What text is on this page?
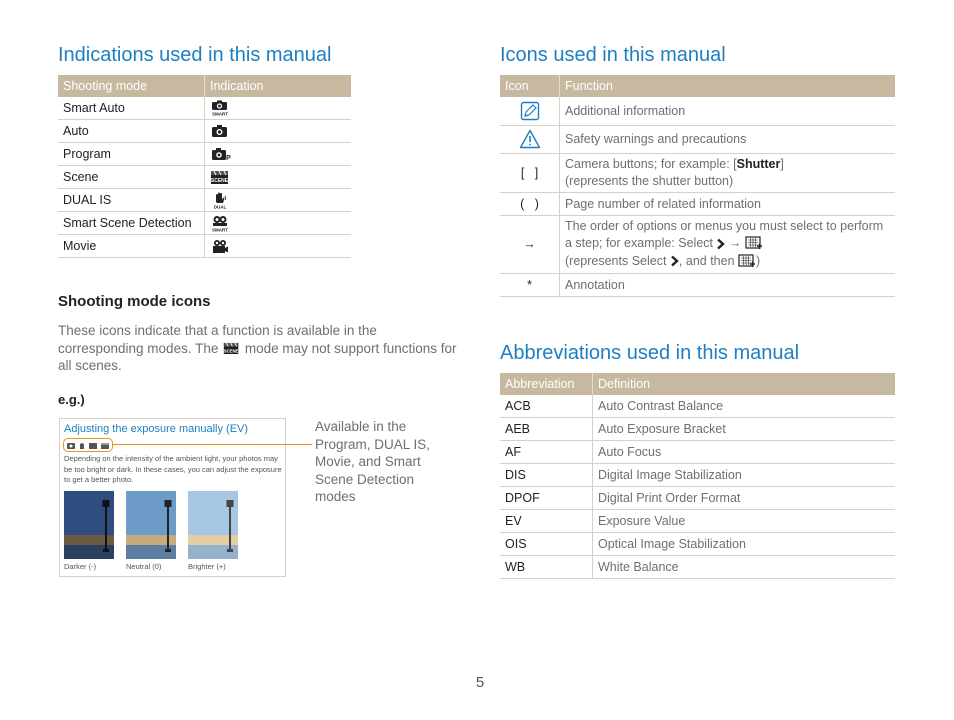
Indications used in this manual
Shooting mode	Indication
Smart Auto	SMART

Auto	
Program	P

Scene	SCENE

DUAL IS	DUAL

Smart Scene Detection	SMART

Movie	
Shooting mode icons

These icons indicate that a function is available in the corresponding modes. The SCENE mode may not support functions for all scenes.

e.g.)

Adjusting the exposure manually (EV)
Depending on the intensity of the ambient light, your photos may be too bright or dark. In these cases, you can adjust the exposure to get a better photo.
Darker (-)	Neutral (0)	Brighter (+)
Available in the Program, DUAL IS, Movie, and Smart Scene Detection modes
Icons used in this manual
Icon	Function
	Additional information
	Safety warnings and precautions
[   ]	Camera buttons; for example: [Shutter]
(represents the shutter button)
(   )	Page number of related information
→	The order of options or menus you must select to perform
a step; for example: Select →
(represents Select , and then )
*	Annotation
Abbreviations used in this manual
Abbreviation	Definition
ACB	Auto Contrast Balance
AEB	Auto Exposure Bracket
AF	Auto Focus
DIS	Digital Image Stabilization
DPOF	Digital Print Order Format
EV	Exposure Value
OIS	Optical Image Stabilization
WB	White Balance
5
